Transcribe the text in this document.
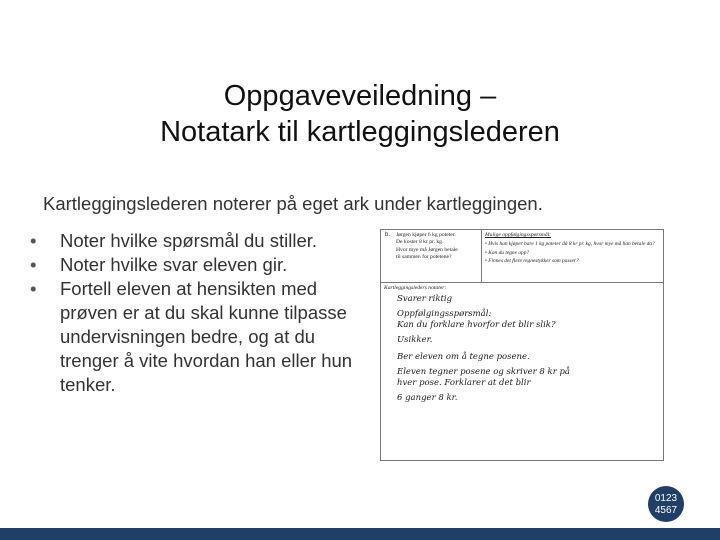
Oppgaveveiledning –
Notatark til kartleggingslederen
Kartleggingslederen noterer på eget ark under kartleggingen.
•	Noter hvilke spørsmål du stiller.
•	Noter hvilke svar eleven gir.
•	Fortell eleven at hensikten med prøven er at du skal kunne tilpasse undervisningen bedre, og at du trenger å vite hvordan han eller hun tenker.
b. Jørgen kjøper 6 kg poteter.
De koster 8 kr pr. kg.
Hvor mye må Jørgen betale
til sammen for potetene?
Mulige oppfølgingsspørsmål:
• Hvis han kjøper bare 1 kg poteter då 8 kr pr. kg, hvor mye må han betale da?
• Kan du tegne opp?
• Finnes det flere regnestykker som passer?
Kartleggingsleders notater:
Svarer riktig
Oppfølgingsspørsmål:
Kan du forklare hvorfor det blir slik?
Usikker.
Ber eleven om å tegne posene.
Eleven tegner posene og skriver 8 kr på
hver pose. Forklarer at det blir
6 ganger 8 kr.
0123
4567
